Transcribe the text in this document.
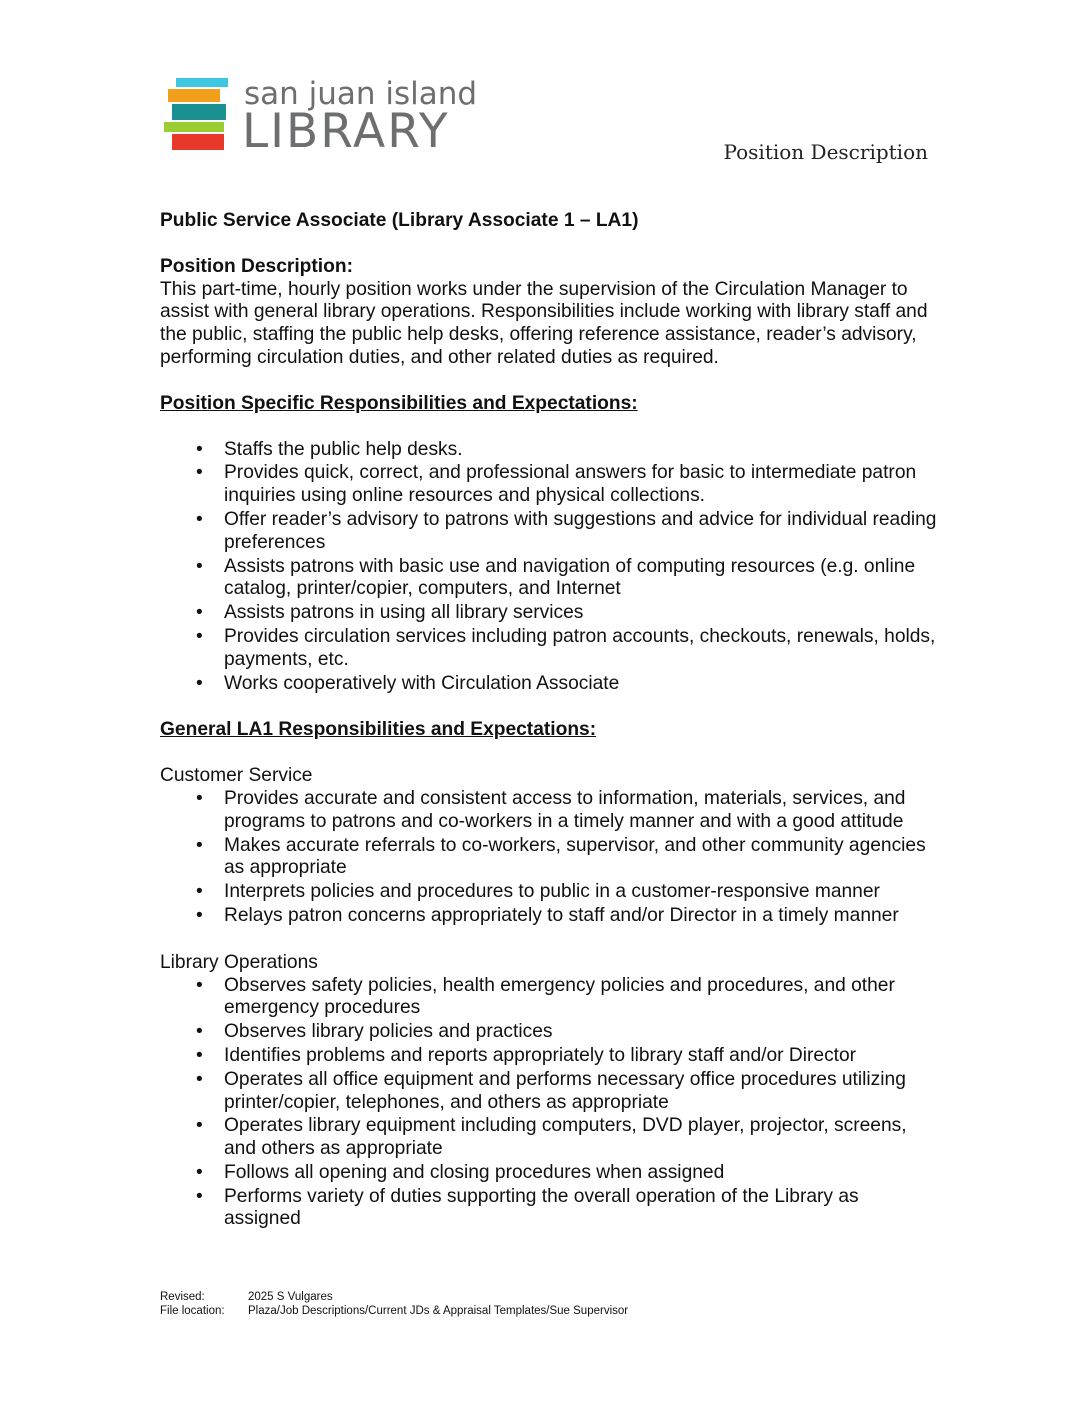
san juan island
LIBRARY	Position Description

Public Service Associate (Library Associate 1 – LA1)

Position Description:

This part-time, hourly position works under the supervision of the Circulation Manager to assist with general library operations. Responsibilities include working with library staff and the public, staffing the public help desks, offering reference assistance, reader’s advisory, performing circulation duties, and other related duties as required.

Position Specific Responsibilities and Expectations:

• Staffs the public help desks.
• Provides quick, correct, and professional answers for basic to intermediate patron inquiries using online resources and physical collections.
• Offer reader’s advisory to patrons with suggestions and advice for individual reading preferences
• Assists patrons with basic use and navigation of computing resources (e.g. online catalog, printer/copier, computers, and Internet
• Assists patrons in using all library services
• Provides circulation services including patron accounts, checkouts, renewals, holds, payments, etc.
• Works cooperatively with Circulation Associate

General LA1 Responsibilities and Expectations:

Customer Service

• Provides accurate and consistent access to information, materials, services, and programs to patrons and co-workers in a timely manner and with a good attitude
• Makes accurate referrals to co-workers, supervisor, and other community agencies as appropriate
• Interprets policies and procedures to public in a customer-responsive manner
• Relays patron concerns appropriately to staff and/or Director in a timely manner

Library Operations

• Observes safety policies, health emergency policies and procedures, and other emergency procedures
• Observes library policies and practices
• Identifies problems and reports appropriately to library staff and/or Director
• Operates all office equipment and performs necessary office procedures utilizing printer/copier, telephones, and others as appropriate
• Operates library equipment including computers, DVD player, projector, screens, and others as appropriate
• Follows all opening and closing procedures when assigned
• Performs variety of duties supporting the overall operation of the Library as assigned
Revised:	2025 S Vulgares
File location: Plaza/Job Descriptions/Current JDs & Appraisal Templates/Sue Supervisor
